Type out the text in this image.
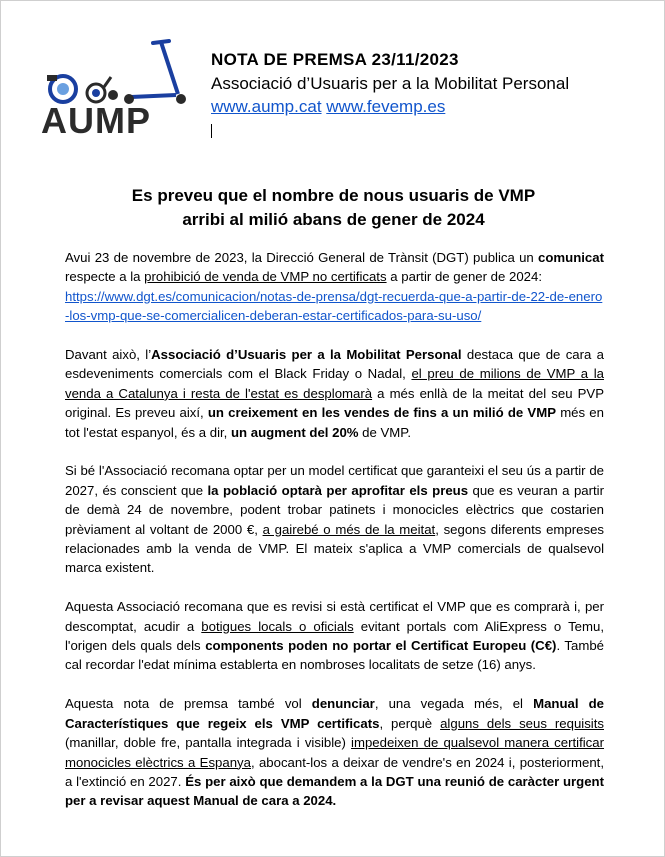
AUMP
NOTA DE PREMSA 23/11/2023
Associació d’Usuaris per a la Mobilitat Personal
www.aump.cat www.fevemp.es
Es preveu que el nombre de nous usuaris de VMP
arribi al milió abans de gener de 2024

Avui 23 de novembre de 2023, la Direcció General de Trànsit (DGT) publica un comunicat respecte a la prohibició de venda de VMP no certificats a partir de gener de 2024:
https://www.dgt.es/comunicacion/notas-de-prensa/dgt-recuerda-que-a-partir-de-22-de-enero-los-vmp-que-se-comercialicen-deberan-estar-certificados-para-su-uso/

Davant això, l’Associació d’Usuaris per a la Mobilitat Personal destaca que de cara a esdeveniments comercials com el Black Friday o Nadal, el preu de milions de VMP a la venda a Catalunya i resta de l'estat es desplomarà a més enllà de la meitat del seu PVP original. Es preveu així, un creixement en les vendes de fins a un milió de VMP més en tot l'estat espanyol, és a dir, un augment del 20% de VMP.

Si bé l'Associació recomana optar per un model certificat que garanteixi el seu ús a partir de 2027, és conscient que la població optarà per aprofitar els preus que es veuran a partir de demà 24 de novembre, podent trobar patinets i monocicles elèctrics que costarien prèviament al voltant de 2000 €, a gairebé o més de la meitat, segons diferents empreses relacionades amb la venda de VMP. El mateix s'aplica a VMP comercials de qualsevol marca existent.

Aquesta Associació recomana que es revisi si està certificat el VMP que es comprarà i, per descomptat, acudir a botigues locals o oficials evitant portals com AliExpress o Temu, l'origen dels quals dels components poden no portar el Certificat Europeu (C€). També cal recordar l'edat mínima establerta en nombroses localitats de setze (16) anys.

Aquesta nota de premsa també vol denunciar, una vegada més, el Manual de Característiques que regeix els VMP certificats, perquè alguns dels seus requisits (manillar, doble fre, pantalla integrada i visible) impedeixen de qualsevol manera certificar monocicles elèctrics a Espanya, abocant-los a deixar de vendre's en 2024 i, posteriorment, a l'extinció en 2027. És per això que demandem a la DGT una reunió de caràcter urgent per a revisar aquest Manual de cara a 2024.
